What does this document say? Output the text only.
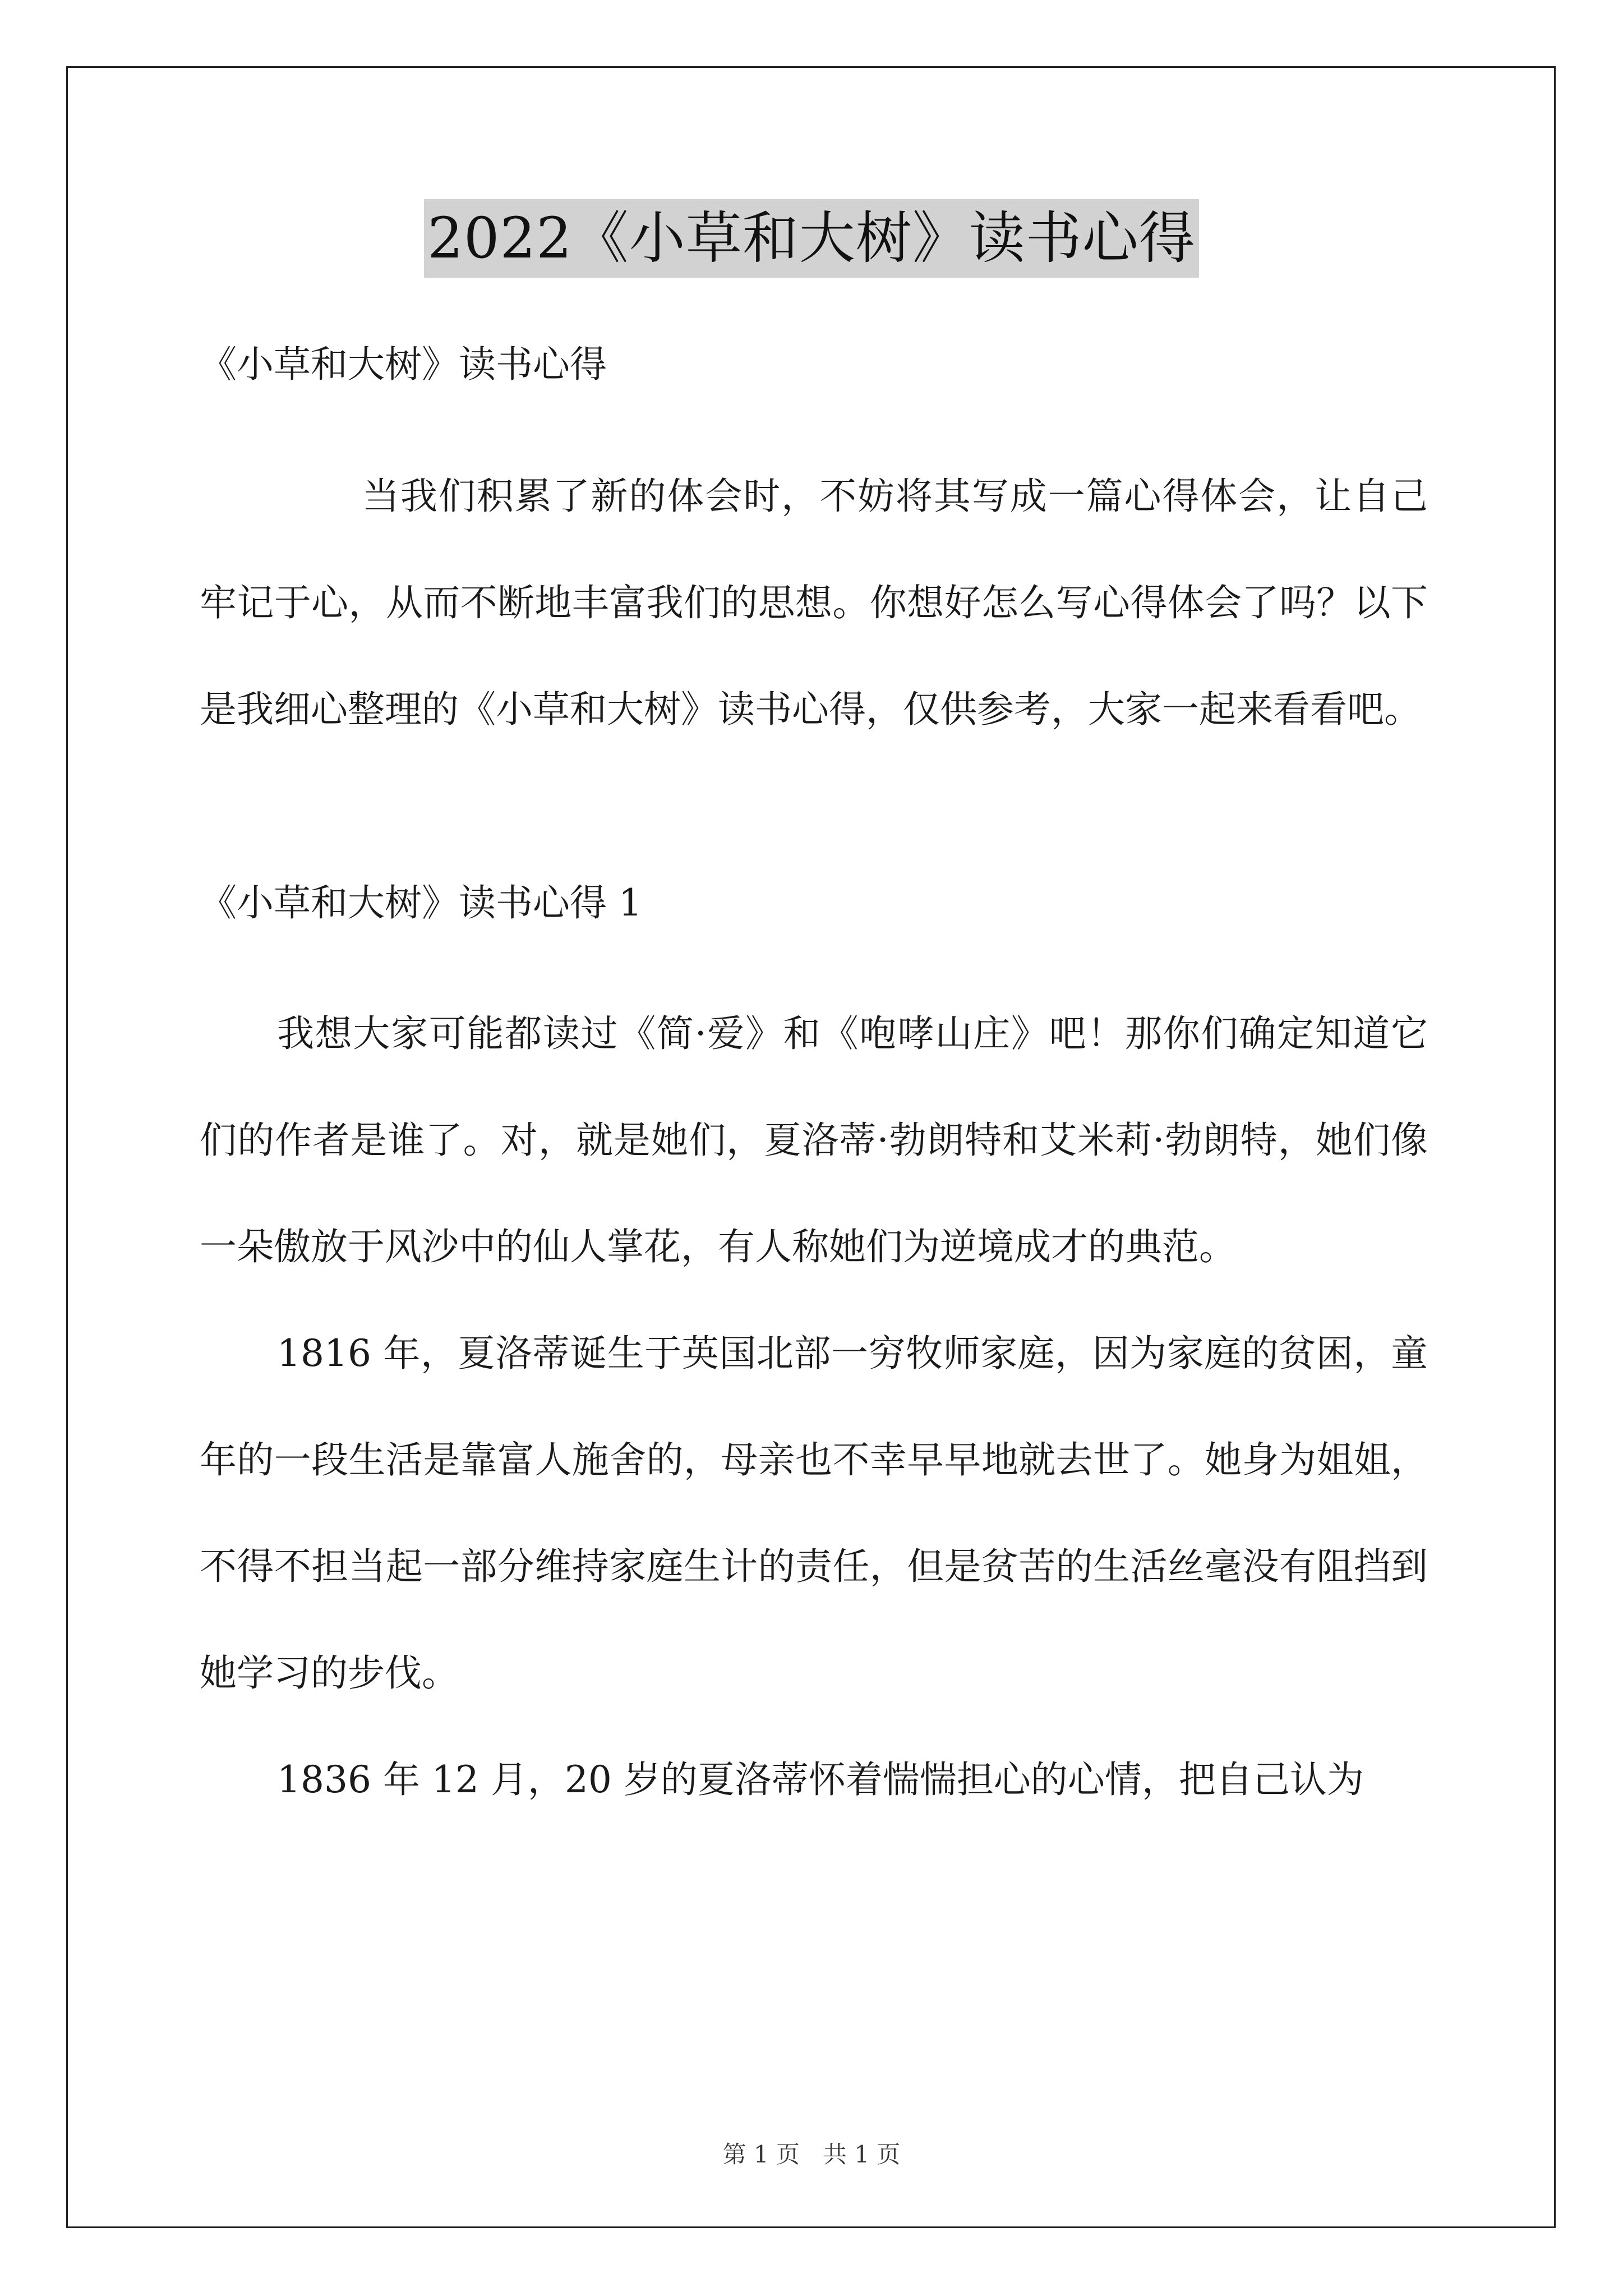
2022《小草和大树》读书心得

《小草和大树》读书心得

当我们积累了新的体会时，不妨将其写成一篇心得体会，让自己牢记于心，从而不断地丰富我们的思想。你想好怎么写心得体会了吗？以下是我细心整理的《小草和大树》读书心得，仅供参考，大家一起来看看吧。

《小草和大树》读书心得 1

我想大家可能都读过《简·爱》和《咆哮山庄》吧！那你们确定知道它们的作者是谁了。对，就是她们，夏洛蒂·勃朗特和艾米莉·勃朗特，她们像一朵傲放于风沙中的仙人掌花，有人称她们为逆境成才的典范。

1816 年，夏洛蒂诞生于英国北部一穷牧师家庭，因为家庭的贫困，童年的一段生活是靠富人施舍的，母亲也不幸早早地就去世了。她身为姐姐，不得不担当起一部分维持家庭生计的责任，但是贫苦的生活丝毫没有阻挡到她学习的步伐。

1836 年 12 月，20 岁的夏洛蒂怀着惴惴担心的心情，把自己认为

第 1 页　共 1 页
